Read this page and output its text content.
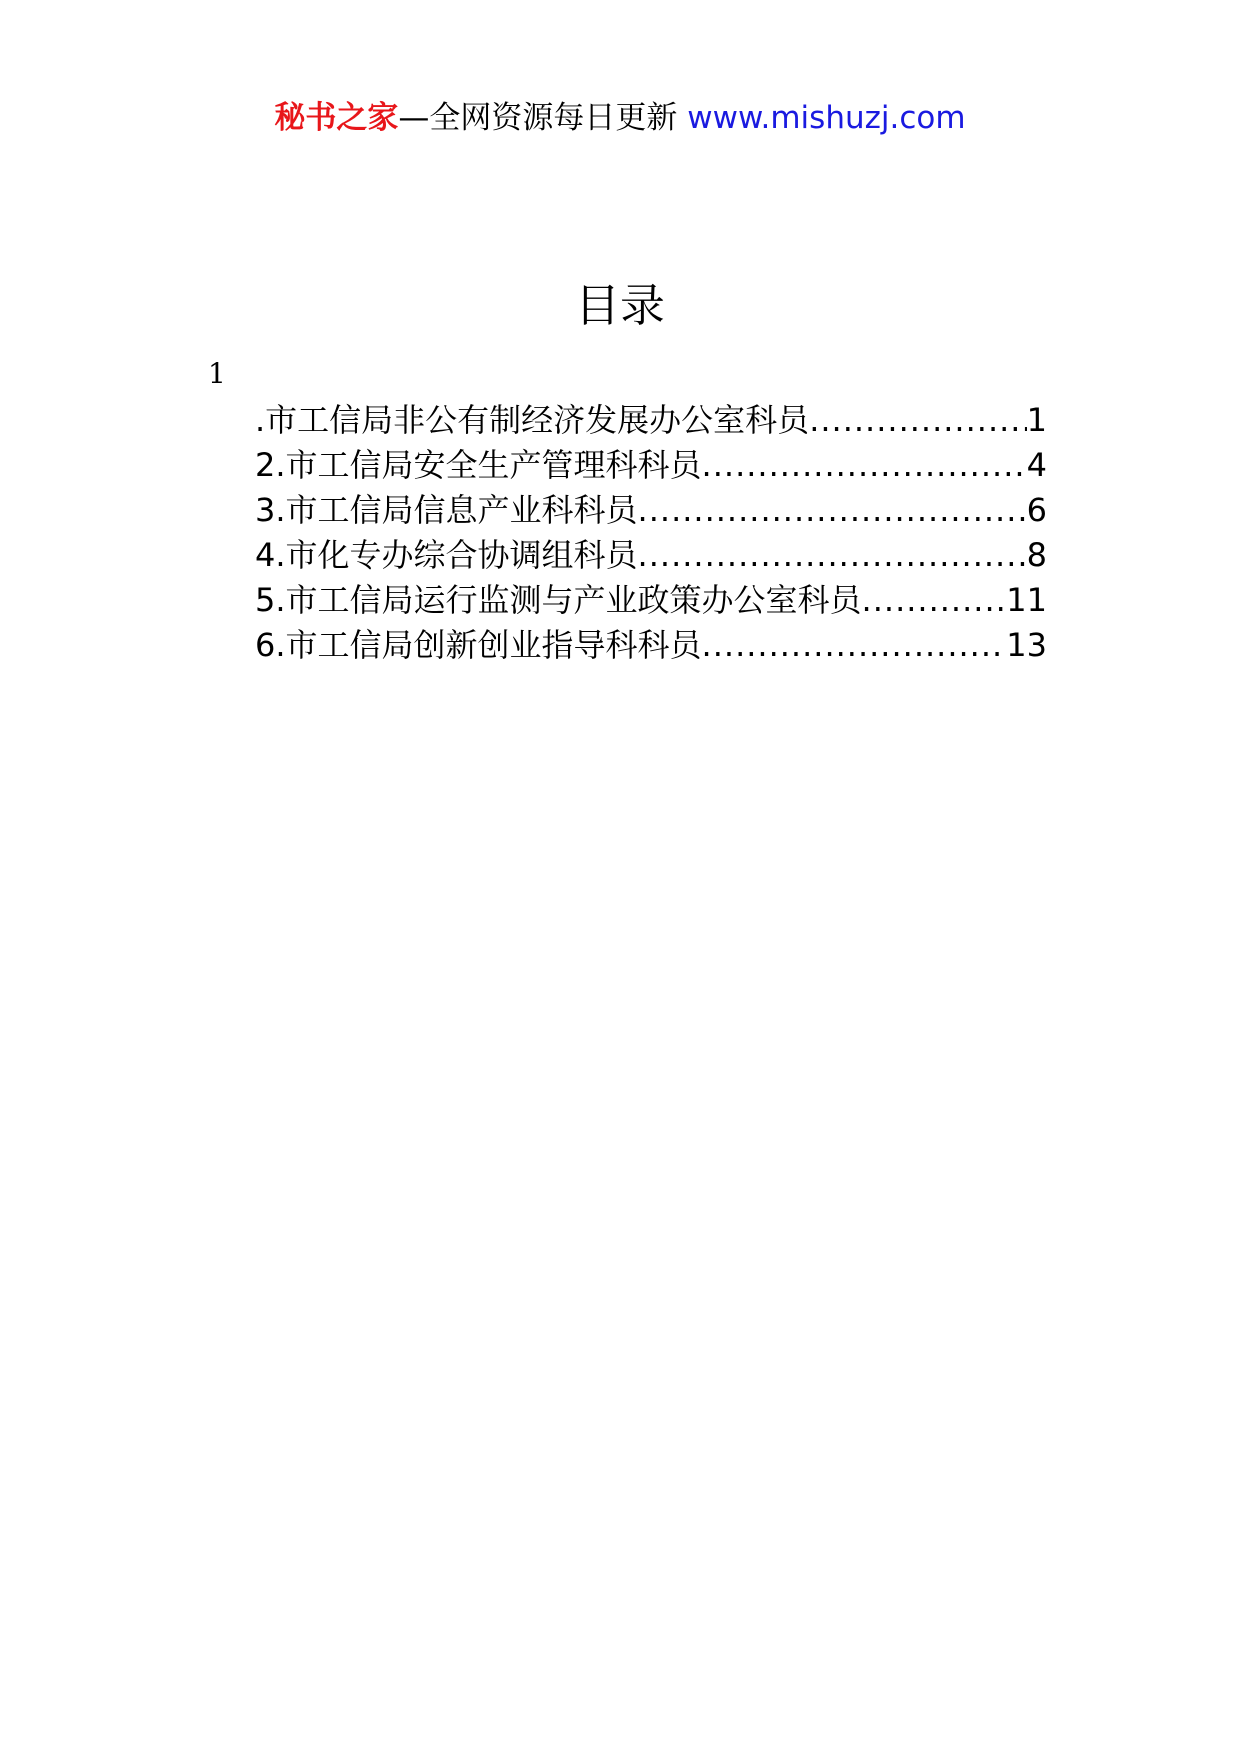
秘书之家—全网资源每日更新 www.mishuzj.com
目录
1
.市工信局非公有制经济发展办公室科员 .....	1
2.市工信局安全生产管理科科员 .....	4
3.市工信局信息产业科科员 .....	6
4.市化专办综合协调组科员 .....	8
5.市工信局运行监测与产业政策办公室科员 .....	11
6.市工信局创新创业指导科科员 .....	13
